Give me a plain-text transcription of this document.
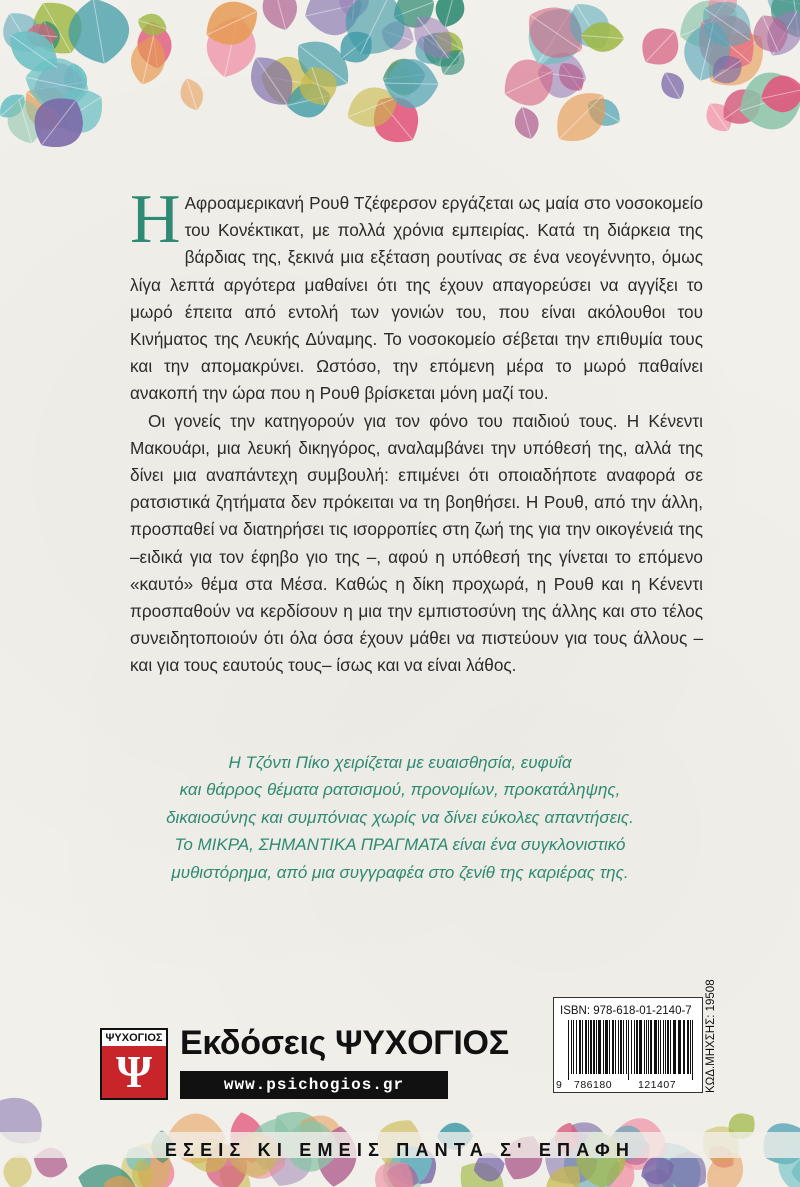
Η Αφροαμερικανή Ρουθ Τζέφερσον εργάζεται ως μαία στο νοσοκομείο του Κονέκτικατ, με πολλά χρόνια εμπειρίας. Κατά τη διάρκεια της βάρδιας της, ξεκινά μια εξέταση ρουτίνας σε ένα νεογέννητο, όμως λίγα λεπτά αργότερα μαθαίνει ότι της έχουν απαγορεύσει να αγγίξει το μωρό έπειτα από εντολή των γονιών του, που είναι ακόλουθοι του Κινήματος της Λευκής Δύναμης. Το νοσοκομείο σέβεται την επιθυμία τους και την απομακρύνει. Ωστόσο, την επόμενη μέρα το μωρό παθαίνει ανακοπή την ώρα που η Ρουθ βρίσκεται μόνη μαζί του.

Οι γονείς την κατηγορούν για τον φόνο του παιδιού τους. Η Κένεντι Μακουάρι, μια λευκή δικηγόρος, αναλαμβάνει την υπόθεσή της, αλλά της δίνει μια αναπάντεχη συμβουλή: επιμένει ότι οποιαδήποτε αναφορά σε ρατσιστικά ζητήματα δεν πρόκειται να τη βοηθήσει. Η Ρουθ, από την άλλη, προσπαθεί να διατηρήσει τις ισορροπίες στη ζωή της για την οικογένειά της –ειδικά για τον έφηβο γιο της –, αφού η υπόθεσή της γίνεται το επόμενο «καυτό» θέμα στα Μέσα. Καθώς η δίκη προχωρά, η Ρουθ και η Κένεντι προσπαθούν να κερδίσουν η μια την εμπιστοσύνη της άλλης και στο τέλος συνειδητοποιούν ότι όλα όσα έχουν μάθει να πιστεύουν για τους άλλους –και για τους εαυτούς τους– ίσως και να είναι λάθος.

Η Τζόντι Πίκο χειρίζεται με ευαισθησία, ευφυΐα
και θάρρος θέματα ρατσισμού, προνομίων, προκατάληψης,
δικαιοσύνης και συμπόνιας χωρίς να δίνει εύκολες απαντήσεις.
Το ΜΙΚΡΑ, ΣΗΜΑΝΤΙΚΑ ΠΡΑΓΜΑΤΑ είναι ένα συγκλονιστικό
μυθιστόρημα, από μια συγγραφέα στο ζενίθ της καριέρας της.
ISBN: 978-618-01-2140-7
9 786180 121407	ΚΩΔ.ΜΗΧΣΗΣ: 19508
ΨΥΧΟΓΙΟΣ
Ψ
Εκδόσεις ΨΥΧΟΓΙΟΣ
www.psichogios.gr
ΕΣΕΙΣ ΚΙ ΕΜΕΙΣ ΠΑΝΤΑ Σ' ΕΠΑΦΗ
